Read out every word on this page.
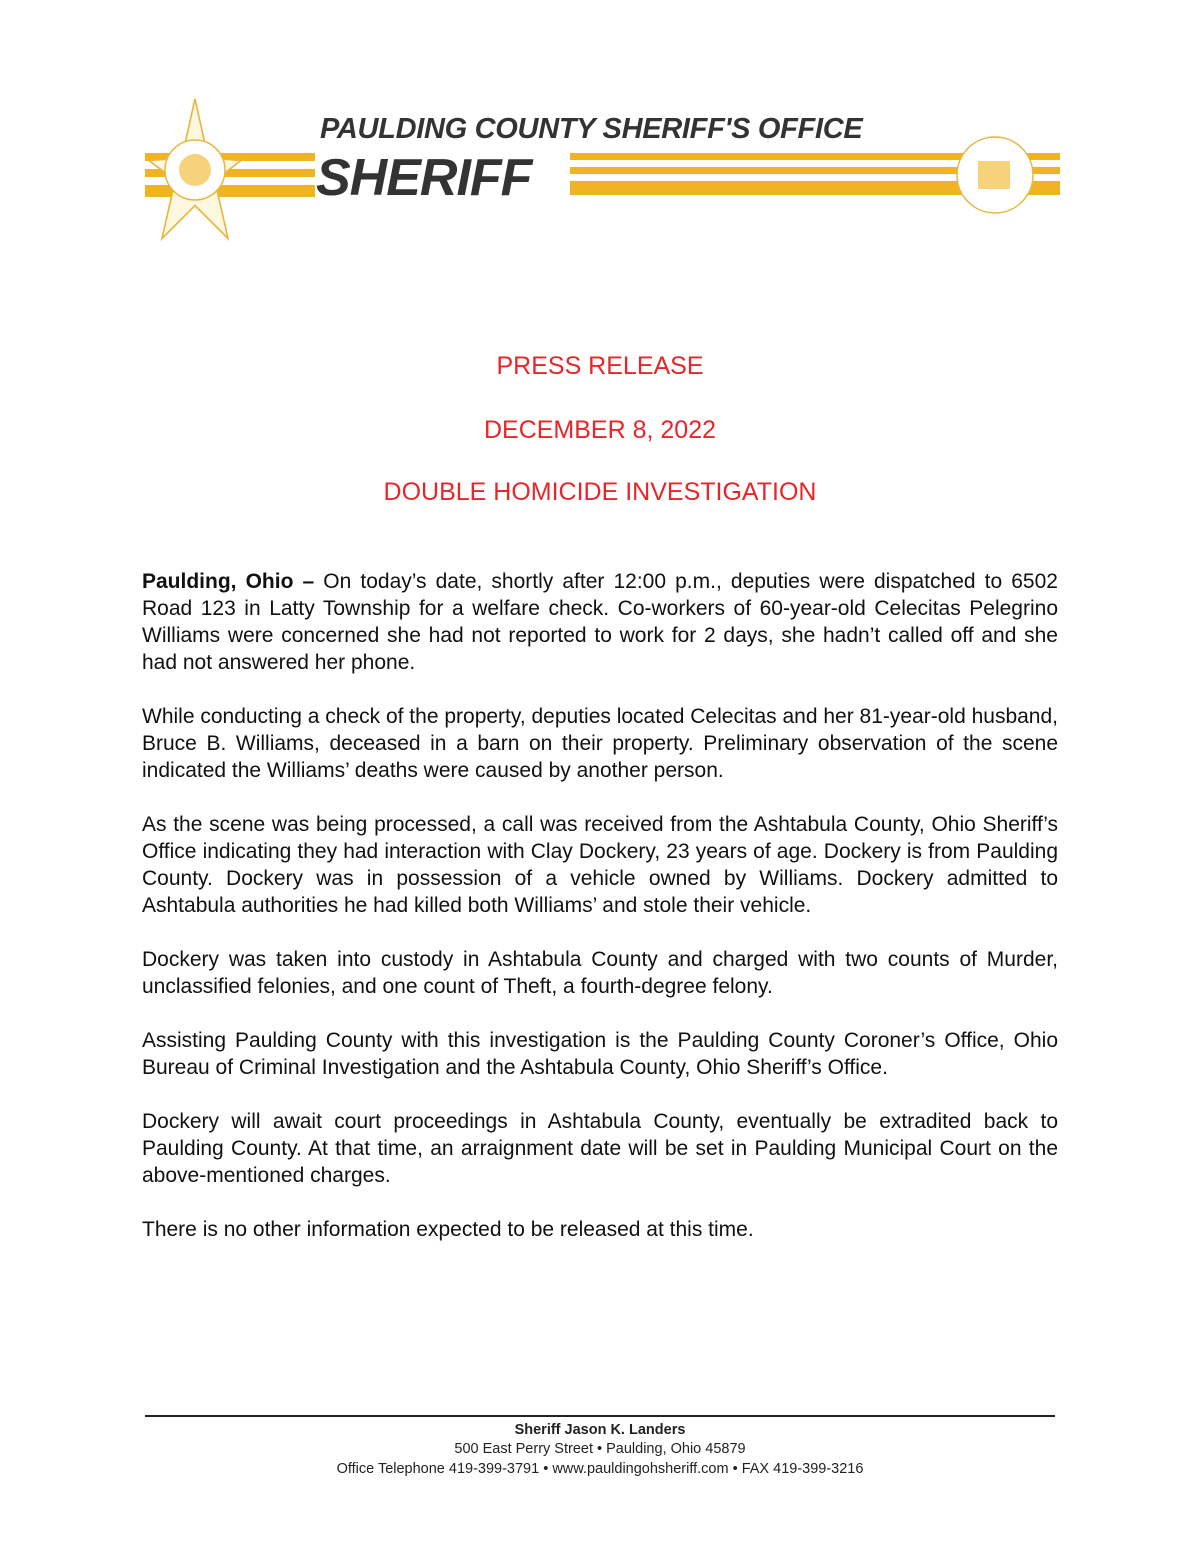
PAULDING COUNTY SHERIFF'S OFFICE
SHERIFF
PRESS RELEASE
DECEMBER 8, 2022
DOUBLE HOMICIDE INVESTIGATION

Paulding, Ohio – On today’s date, shortly after 12:00 p.m., deputies were dispatched to 6502 Road 123 in Latty Township for a welfare check. Co-workers of 60-year-old Celecitas Pelegrino Williams were concerned she had not reported to work for 2 days, she hadn’t called off and she had not answered her phone.

While conducting a check of the property, deputies located Celecitas and her 81-year-old husband, Bruce B. Williams, deceased in a barn on their property. Preliminary observation of the scene indicated the Williams’ deaths were caused by another person.

As the scene was being processed, a call was received from the Ashtabula County, Ohio Sheriff’s Office indicating they had interaction with Clay Dockery, 23 years of age. Dockery is from Paulding County. Dockery was in possession of a vehicle owned by Williams. Dockery admitted to Ashtabula authorities he had killed both Williams’ and stole their vehicle.

Dockery was taken into custody in Ashtabula County and charged with two counts of Murder, unclassified felonies, and one count of Theft, a fourth-degree felony.

Assisting Paulding County with this investigation is the Paulding County Coroner’s Office, Ohio Bureau of Criminal Investigation and the Ashtabula County, Ohio Sheriff’s Office.

Dockery will await court proceedings in Ashtabula County, eventually be extradited back to Paulding County. At that time, an arraignment date will be set in Paulding Municipal Court on the above-mentioned charges.

There is no other information expected to be released at this time.

Sheriff Jason K. Landers
500 East Perry Street • Paulding, Ohio 45879
Office Telephone 419-399-3791 • www.pauldingohsheriff.com • FAX 419-399-3216
